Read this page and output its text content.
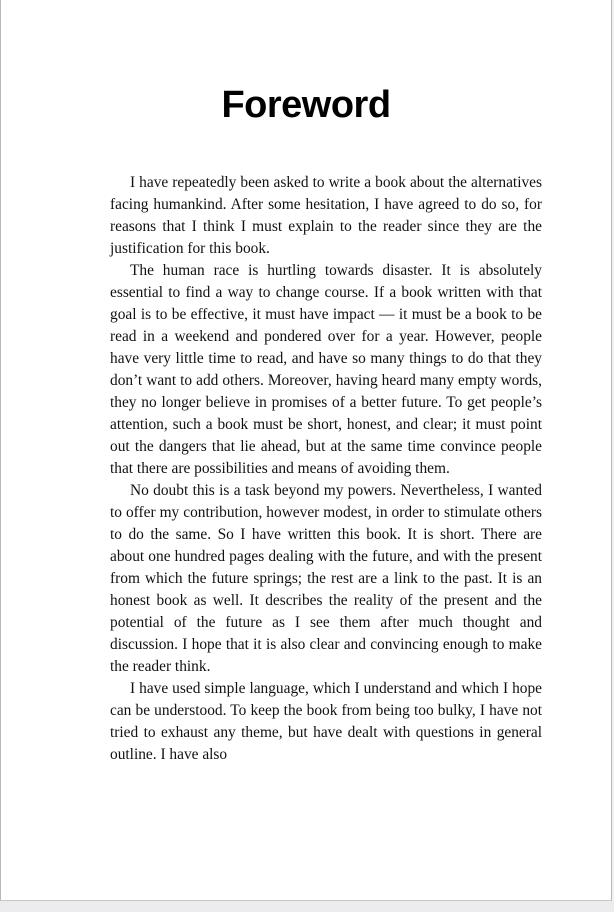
Foreword

I have repeatedly been asked to write a book about the alternatives facing humankind. After some hesitation, I have agreed to do so, for reasons that I think I must explain to the reader since they are the justification for this book.

The human race is hurtling towards disaster. It is absolutely essential to find a way to change course. If a book written with that goal is to be effective, it must have impact — it must be a book to be read in a weekend and pondered over for a year. However, people have very little time to read, and have so many things to do that they don’t want to add others. Moreover, having heard many empty words, they no longer believe in promises of a better future. To get people’s attention, such a book must be short, honest, and clear; it must point out the dangers that lie ahead, but at the same time convince people that there are possibilities and means of avoiding them.

No doubt this is a task beyond my powers. Nevertheless, I wanted to offer my contribution, however modest, in order to stimulate others to do the same. So I have written this book. It is short. There are about one hundred pages dealing with the future, and with the present from which the future springs; the rest are a link to the past. It is an honest book as well. It describes the reality of the present and the potential of the future as I see them after much thought and discussion. I hope that it is also clear and convincing enough to make the reader think.

I have used simple language, which I understand and which I hope can be understood. To keep the book from being too bulky, I have not tried to exhaust any theme, but have dealt with questions in general outline. I have also
